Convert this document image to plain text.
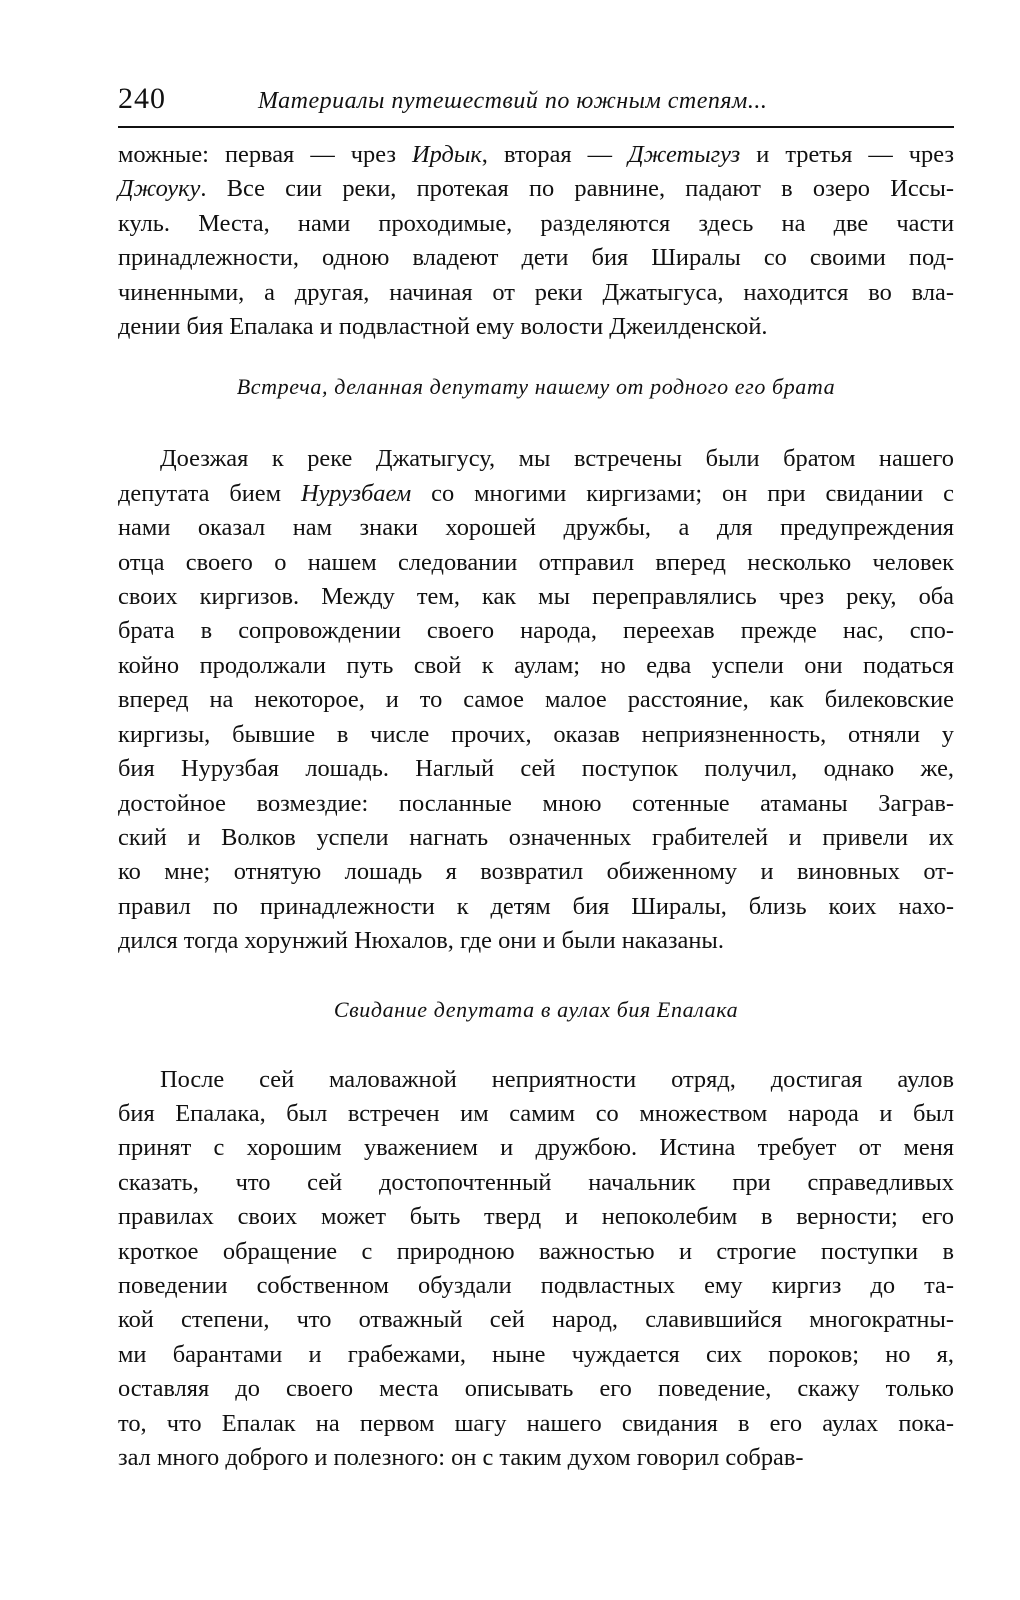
240	Материалы путешествий по южным степям...
можные: первая — чрез Ирдык, вторая — Джетыгуз и третья — чрез
Джоуку. Все сии реки, протекая по равнине, падают в озеро Иссы-
куль. Места, нами проходимые, разделяются здесь на две части
принадлежности, одною владеют дети бия Ширалы со своими под-
чиненными, а другая, начиная от реки Джатыгуса, находится во вла-
дении бия Епалака и подвластной ему волости Джеилденской.

Встреча, деланная депутату нашему от родного его брата

Доезжая к реке Джатыгусу, мы встречены были братом нашего
депутата бием Нурузбаем со многими киргизами; он при свидании с
нами оказал нам знаки хорошей дружбы, а для предупреждения
отца своего о нашем следовании отправил вперед несколько человек
своих киргизов. Между тем, как мы переправлялись чрез реку, оба
брата в сопровождении своего народа, переехав прежде нас, спо-
койно продолжали путь свой к аулам; но едва успели они податься
вперед на некоторое, и то самое малое расстояние, как билековские
киргизы, бывшие в числе прочих, оказав неприязненность, отняли у
бия Нурузбая лошадь. Наглый сей поступок получил, однако же,
достойное возмездие: посланные мною сотенные атаманы Заграв-
ский и Волков успели нагнать означенных грабителей и привели их
ко мне; отнятую лошадь я возвратил обиженному и виновных от-
правил по принадлежности к детям бия Ширалы, близь коих нахо-
дился тогда хорунжий Нюхалов, где они и были наказаны.

Свидание депутата в аулах бия Епалака

После сей маловажной неприятности отряд, достигая аулов
бия Епалака, был встречен им самим со множеством народа и был
принят с хорошим уважением и дружбою. Истина требует от меня
сказать, что сей достопочтенный начальник при справедливых
правилах своих может быть тверд и непоколебим в верности; его
кроткое обращение с природною важностью и строгие поступки в
поведении собственном обуздали подвластных ему киргиз до та-
кой степени, что отважный сей народ, славившийся многократны-
ми барантами и грабежами, ныне чуждается сих пороков; но я,
оставляя до своего места описывать его поведение, скажу только
то, что Епалак на первом шагу нашего свидания в его аулах пока-
зал много доброго и полезного: он с таким духом говорил собрав-
